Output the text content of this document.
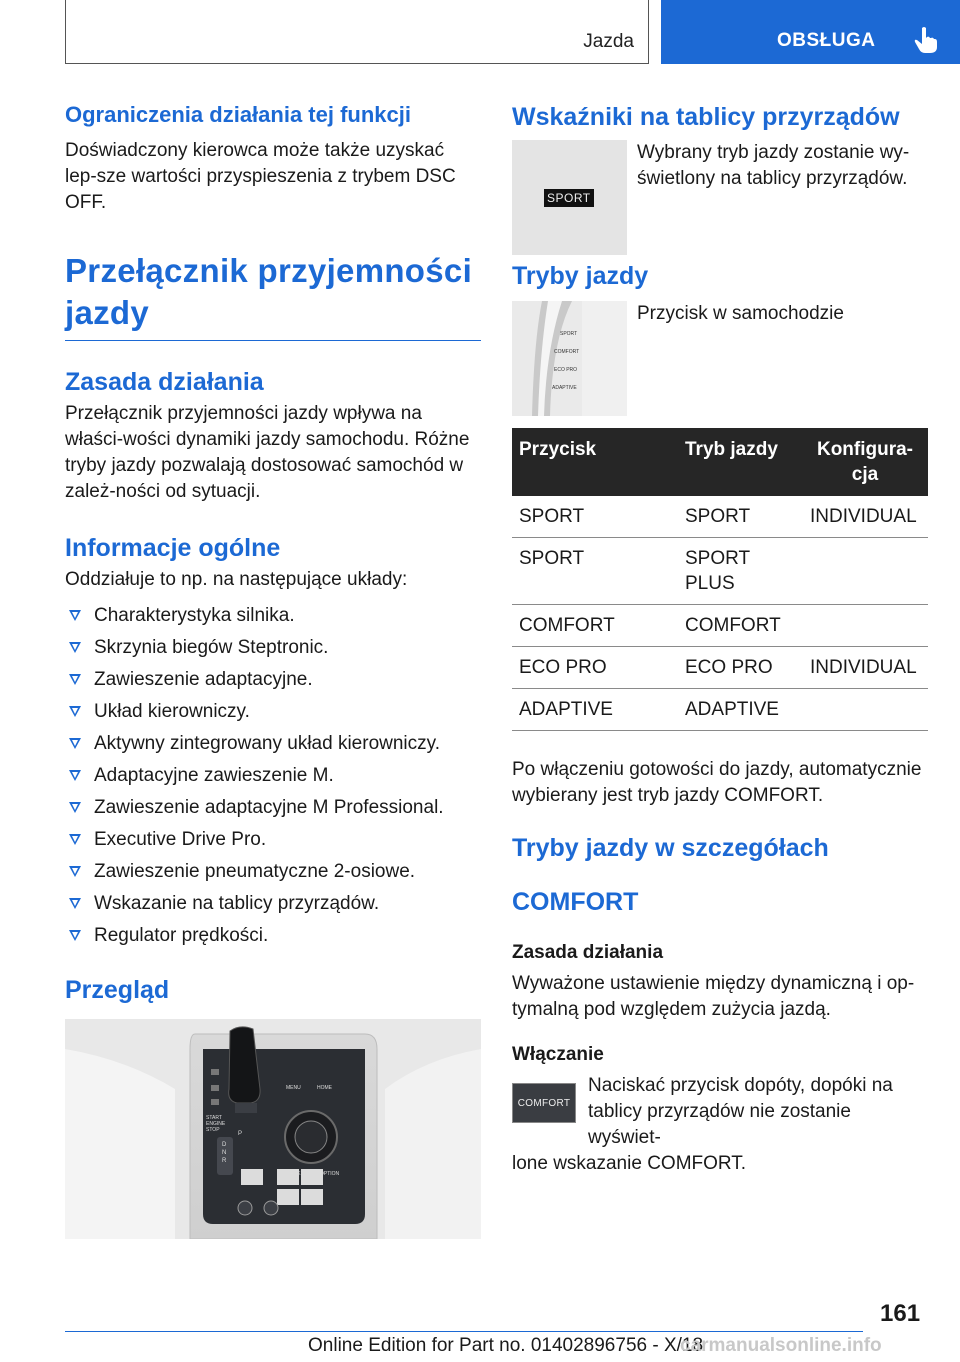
Jazda	OBSŁUGA
Ograniczenia działania tej funkcji

Doświadczony kierowca może także uzyskać lep-sze wartości przyspieszenia z trybem DSC OFF.

Przełącznik przyjemności jazdy
Zasada działania

Przełącznik przyjemności jazdy wpływa na właści-wości dynamiki jazdy samochodu. Różne tryby jazdy pozwalają dostosować samochód w zależ-ności od sytuacji.

Informacje ogólne

Oddziałuje to np. na następujące układy:

Charakterystyka silnika.
Skrzynia biegów Steptronic.
Zawieszenie adaptacyjne.
Układ kierowniczy.
Aktywny zintegrowany układ kierowniczy.
Adaptacyjne zawieszenie M.
Zawieszenie adaptacyjne M Professional.
Executive Drive Pro.
Zawieszenie pneumatyczne 2-osiowe.
Wskazanie na tablicy przyrządów.
Regulator prędkości.
Przegląd
MENU	HOME
BACK	OPTION
START
ENGINE
STOP
P
D
N
R
Wskaźniki na tablicy przyrządów
SPORT

Wybrany tryb jazdy zostanie wy-świetlony na tablicy przyrządów.

Tryby jazdy
SPORT
COMFORT
ECO PRO
ADAPTIVE

Przycisk w samochodzie

Przycisk	Tryb jazdy	Konfigura-
cja
SPORT	SPORT	INDIVIDUAL
SPORT	SPORT
PLUS	
COMFORT	COMFORT	
ECO PRO	ECO PRO	INDIVIDUAL
ADAPTIVE	ADAPTIVE	

Po włączeniu gotowości do jazdy, automatycznie wybierany jest tryb jazdy COMFORT.

Tryby jazdy w szczegółach
COMFORT
Zasada działania

Wyważone ustawienie między dynamiczną i op-tymalną pod względem zużycia jazdą.

Włączanie
COMFORT

Naciskać przycisk dopóty, dopóki na tablicy przyrządów nie zostanie wyświet-

lone wskazanie COMFORT.

161
Online Edition for Part no. 01402896756 - X/18
carmanualsonline.info
